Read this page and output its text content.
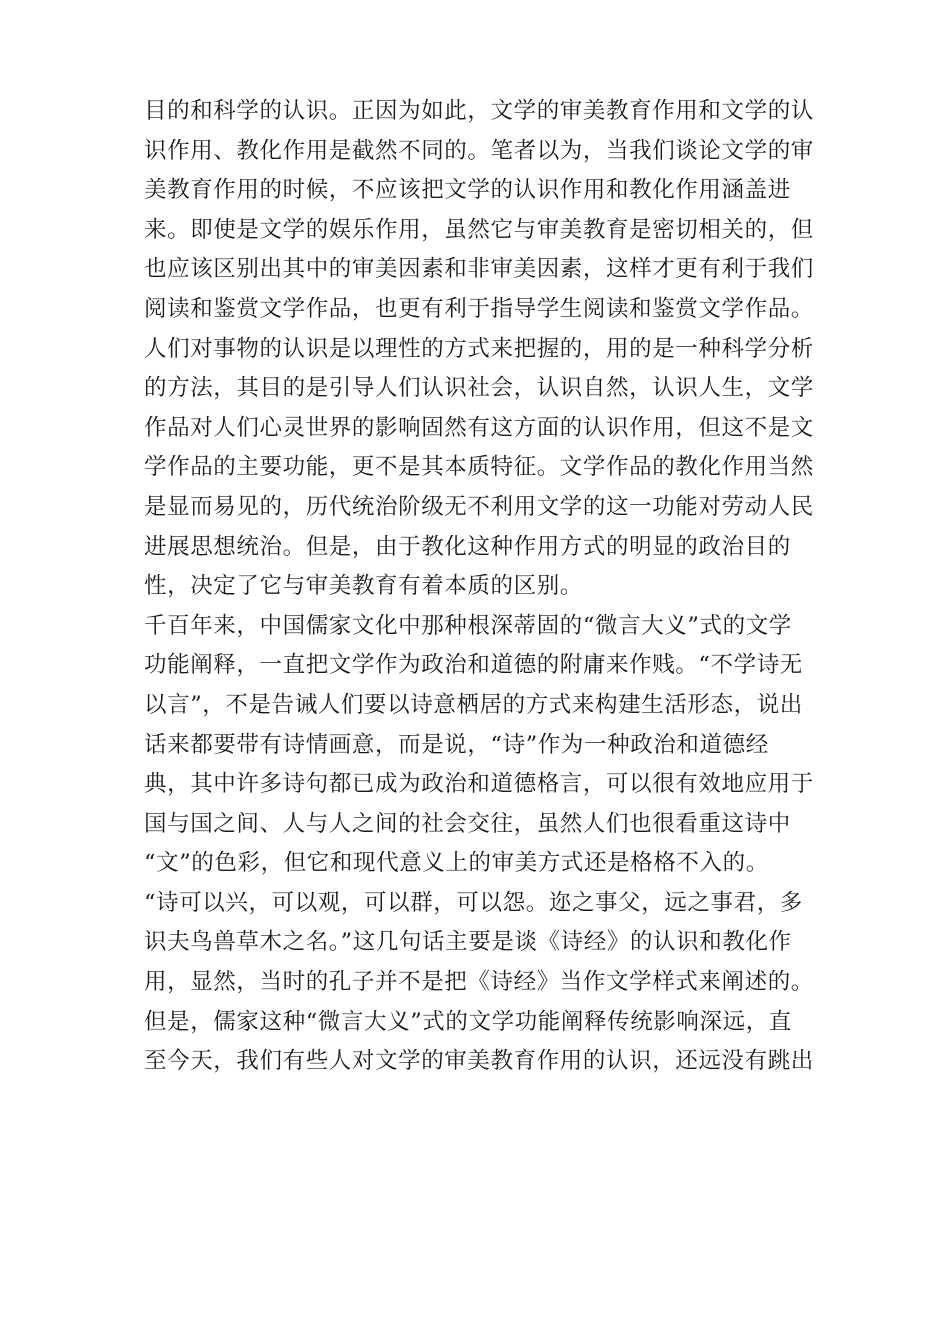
目的和科学的认识。正因为如此，文学的审美教育作用和文学的认
识作用、教化作用是截然不同的。笔者以为，当我们谈论文学的审
美教育作用的时候，不应该把文学的认识作用和教化作用涵盖进
来。即使是文学的娱乐作用，虽然它与审美教育是密切相关的，但
也应该区别出其中的审美因素和非审美因素，这样才更有利于我们
阅读和鉴赏文学作品，也更有利于指导学生阅读和鉴赏文学作品。
人们对事物的认识是以理性的方式来把握的，用的是一种科学分析
的方法，其目的是引导人们认识社会，认识自然，认识人生，文学
作品对人们心灵世界的影响固然有这方面的认识作用，但这不是文
学作品的主要功能，更不是其本质特征。文学作品的教化作用当然
是显而易见的，历代统治阶级无不利用文学的这一功能对劳动人民
进展思想统治。但是，由于教化这种作用方式的明显的政治目的
性，决定了它与审美教育有着本质的区别。
千百年来，中国儒家文化中那种根深蒂固的“微言大义”式的文学
功能阐释，一直把文学作为政治和道德的附庸来作贱。“不学诗无
以言”，不是告诫人们要以诗意栖居的方式来构建生活形态，说出
话来都要带有诗情画意，而是说，“诗”作为一种政治和道德经
典，其中许多诗句都已成为政治和道德格言，可以很有效地应用于
国与国之间、人与人之间的社会交往，虽然人们也很看重这诗中
“文”的色彩，但它和现代意义上的审美方式还是格格不入的。
“诗可以兴，可以观，可以群，可以怨。迩之事父，远之事君，多
识夫鸟兽草木之名。”这几句话主要是谈《诗经》的认识和教化作
用，显然，当时的孔子并不是把《诗经》当作文学样式来阐述的。
但是，儒家这种“微言大义”式的文学功能阐释传统影响深远，直
至今天，我们有些人对文学的审美教育作用的认识，还远没有跳出
